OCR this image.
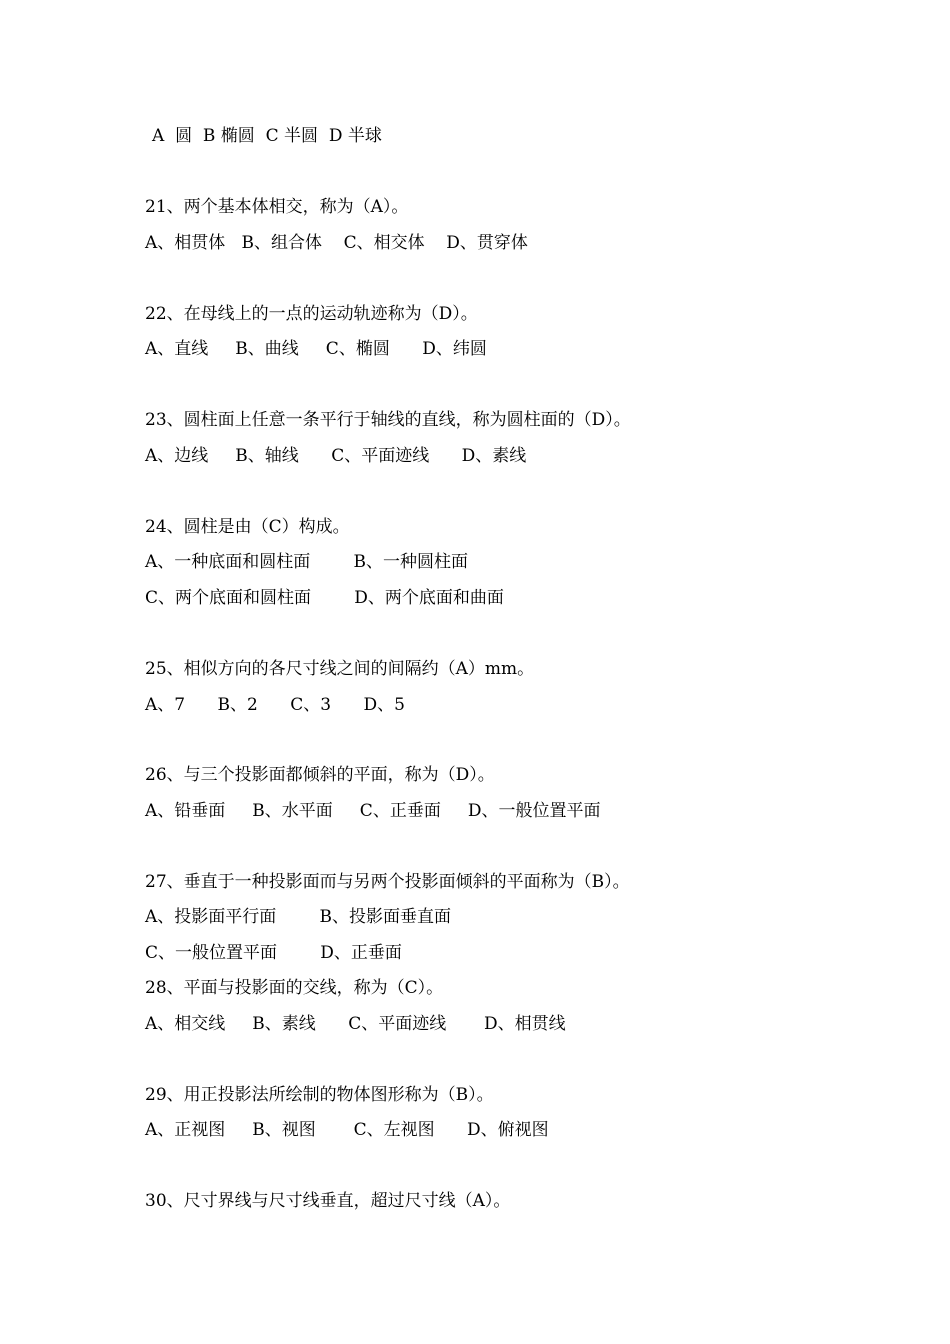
A  圆  B 椭圆  C 半圆  D 半球
21、两个基本体相交，称为（A）。
A、相贯体   B、组合体    C、相交体    D、贯穿体
22、在母线上的一点的运动轨迹称为（D）。
A、直线     B、曲线     C、椭圆      D、纬圆
23、圆柱面上任意一条平行于轴线的直线，称为圆柱面的（D）。
A、边线     B、轴线      C、平面迹线      D、素线
24、圆柱是由（C）构成。
A、一种底面和圆柱面        B、一种圆柱面
C、两个底面和圆柱面        D、两个底面和曲面
25、相似方向的各尺寸线之间的间隔约（A）mm。
A、7      B、2      C、3      D、5
26、与三个投影面都倾斜的平面，称为（D）。
A、铅垂面     B、水平面     C、正垂面     D、一般位置平面
27、垂直于一种投影面而与另两个投影面倾斜的平面称为（B）。
A、投影面平行面        B、投影面垂直面
C、一般位置平面        D、正垂面
28、平面与投影面的交线，称为（C）。
A、相交线     B、素线      C、平面迹线       D、相贯线
29、用正投影法所绘制的物体图形称为（B）。
A、正视图     B、视图       C、左视图      D、俯视图
30、尺寸界线与尺寸线垂直，超过尺寸线（A）。
